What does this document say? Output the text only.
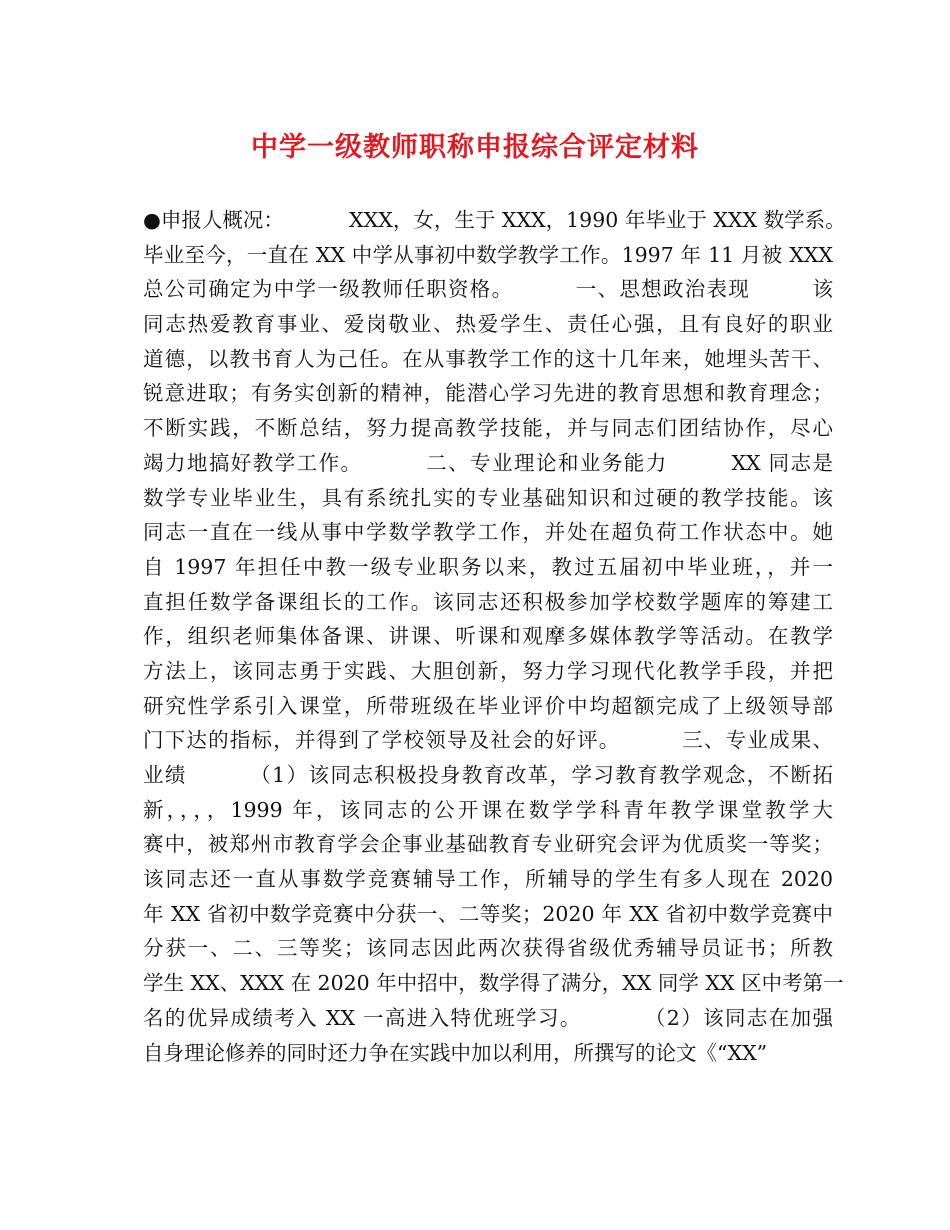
中学一级教师职称申报综合评定材料
●申报人概况：          XXX，女，生于 XXX，1990 年毕业于 XXX 数学系。
毕业至今，一直在 XX 中学从事初中数学教学工作。1997 年 11 月被 XXX
总公司确定为中学一级教师任职资格。        一、思想政治表现        该
同志热爱教育事业、爱岗敬业、热爱学生、责任心强，且有良好的职业
道德，以教书育人为己任。在从事教学工作的这十几年来，她埋头苦干、
锐意进取；有务实创新的精神，能潜心学习先进的教育思想和教育理念；
不断实践，不断总结，努力提高教学技能，并与同志们团结协作，尽心
竭力地搞好教学工作。        二、专业理论和业务能力        XX 同志是
数学专业毕业生，具有系统扎实的专业基础知识和过硬的教学技能。该
同志一直在一线从事中学数学教学工作，并处在超负荷工作状态中。她
自 1997 年担任中教一级专业职务以来，教过五届初中毕业班，，并一
直担任数学备课组长的工作。该同志还积极参加学校数学题库的筹建工
作，组织老师集体备课、讲课、听课和观摩多媒体教学等活动。在教学
方法上，该同志勇于实践、大胆创新，努力学习现代化教学手段，并把
研究性学系引入课堂，所带班级在毕业评价中均超额完成了上级领导部
门下达的指标，并得到了学校领导及社会的好评。        三、专业成果、
业绩        （1）该同志积极投身教育改革，学习教育教学观念，不断拓
新，，，，1999 年，该同志的公开课在数学学科青年教学课堂教学大
赛中，被郑州市教育学会企事业基础教育专业研究会评为优质奖一等奖；
该同志还一直从事数学竞赛辅导工作，所辅导的学生有多人现在 2020
年 XX 省初中数学竞赛中分获一、二等奖；2020 年 XX 省初中数学竞赛中
分获一、二、三等奖；该同志因此两次获得省级优秀辅导员证书；所教
学生 XX、XXX 在 2020 年中招中，数学得了满分，XX 同学 XX 区中考第一
名的优异成绩考入 XX 一高进入特优班学习。        （2）该同志在加强
自身理论修养的同时还力争在实践中加以利用，所撰写的论文《“XX”
